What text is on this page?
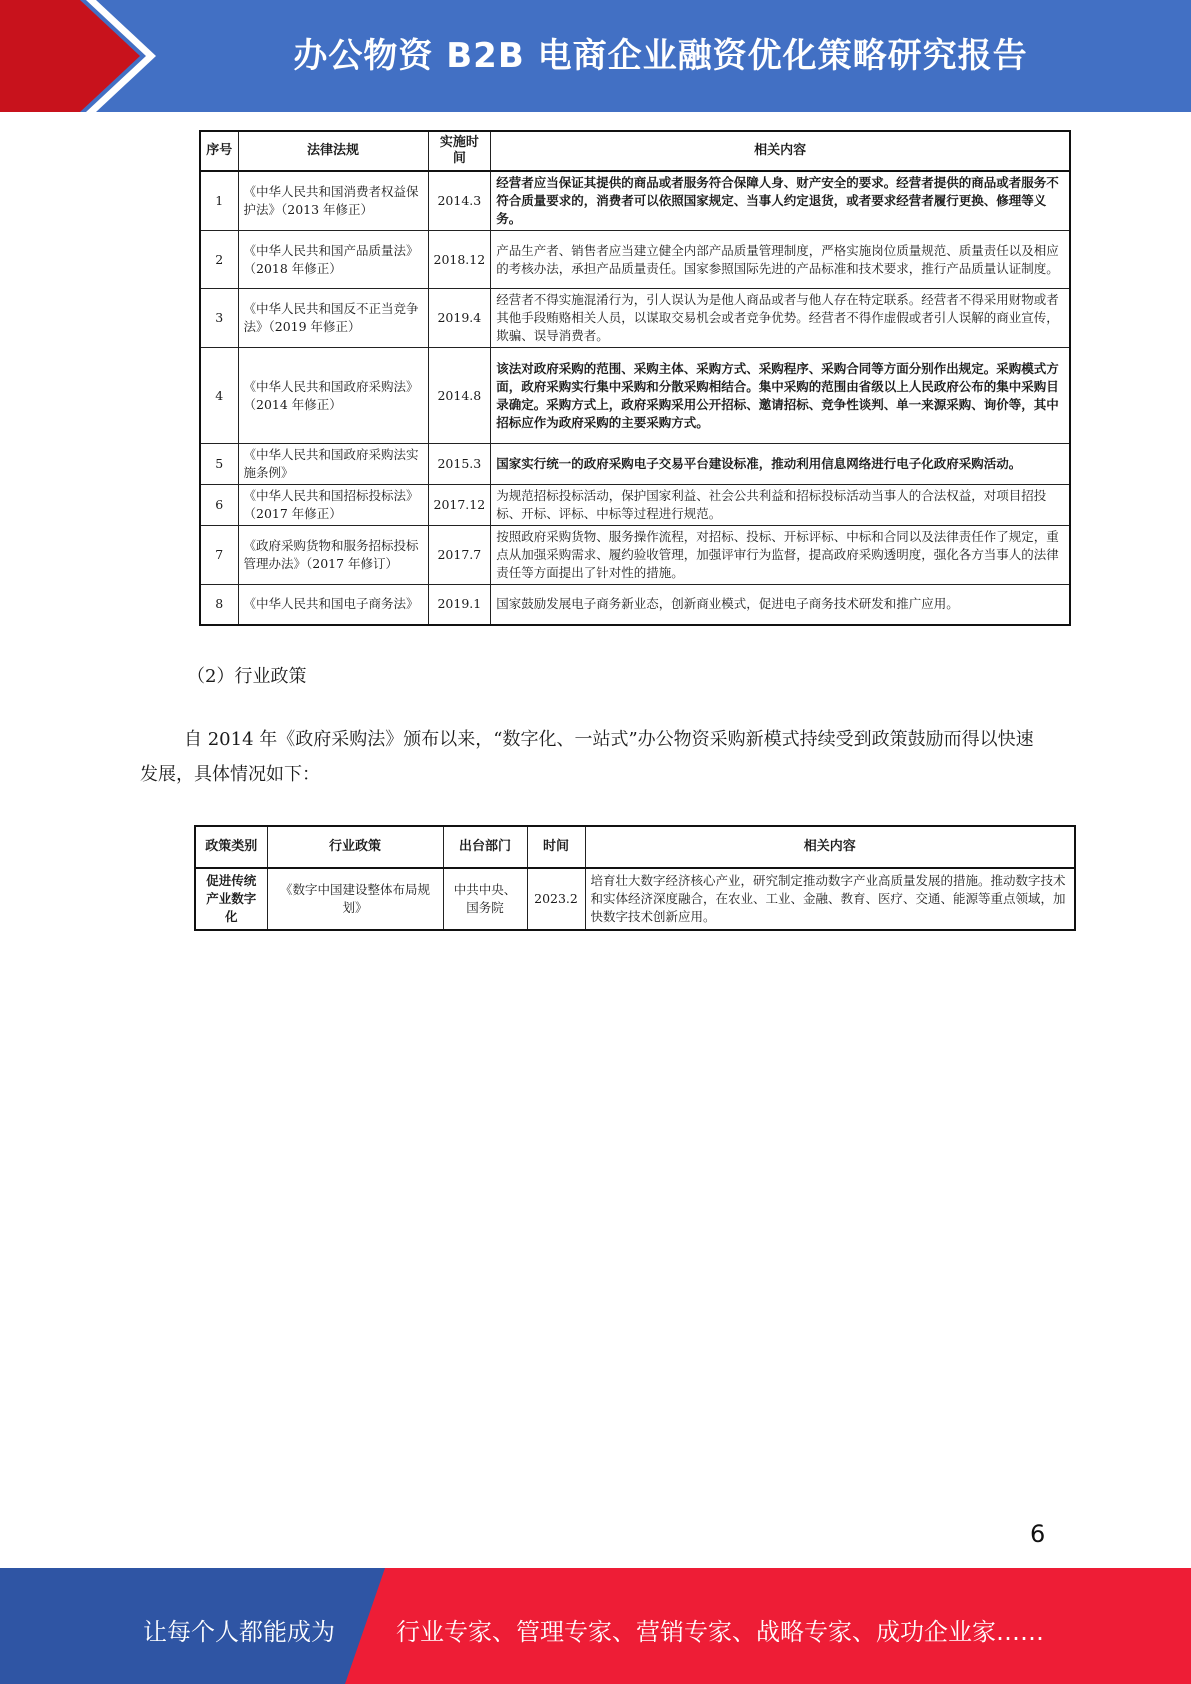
办公物资 B2B 电商企业融资优化策略研究报告
序号	法律法规	实施时间	相关内容
1	《中华人民共和国消费者权益保护法》（2013 年修正）	2014.3	经营者应当保证其提供的商品或者服务符合保障人身、财产安全的要求。经营者提供的商品或者服务不符合质量要求的，消费者可以依照国家规定、当事人约定退货，或者要求经营者履行更换、修理等义务。
2	《中华人民共和国产品质量法》（2018 年修正）	2018.12	产品生产者、销售者应当建立健全内部产品质量管理制度，严格实施岗位质量规范、质量责任以及相应的考核办法，承担产品质量责任。国家参照国际先进的产品标准和技术要求，推行产品质量认证制度。
3	《中华人民共和国反不正当竞争法》（2019 年修正）	2019.4	经营者不得实施混淆行为，引人误认为是他人商品或者与他人存在特定联系。经营者不得采用财物或者其他手段贿赂相关人员，以谋取交易机会或者竞争优势。经营者不得作虚假或者引人误解的商业宣传，欺骗、误导消费者。
4	《中华人民共和国政府采购法》（2014 年修正）	2014.8	该法对政府采购的范围、采购主体、采购方式、采购程序、采购合同等方面分别作出规定。采购模式方面，政府采购实行集中采购和分散采购相结合。集中采购的范围由省级以上人民政府公布的集中采购目录确定。采购方式上，政府采购采用公开招标、邀请招标、竞争性谈判、单一来源采购、询价等，其中招标应作为政府采购的主要采购方式。
5	《中华人民共和国政府采购法实施条例》	2015.3	国家实行统一的政府采购电子交易平台建设标准，推动利用信息网络进行电子化政府采购活动。
6	《中华人民共和国招标投标法》（2017 年修正）	2017.12	为规范招标投标活动，保护国家利益、社会公共利益和招标投标活动当事人的合法权益，对项目招投标、开标、评标、中标等过程进行规范。
7	《政府采购货物和服务招标投标管理办法》（2017 年修订）	2017.7	按照政府采购货物、服务操作流程，对招标、投标、开标评标、中标和合同以及法律责任作了规定，重点从加强采购需求、履约验收管理，加强评审行为监督，提高政府采购透明度，强化各方当事人的法律责任等方面提出了针对性的措施。
8	《中华人民共和国电子商务法》	2019.1	国家鼓励发展电子商务新业态，创新商业模式，促进电子商务技术研发和推广应用。
（2）行业政策
自 2014 年《政府采购法》颁布以来，“数字化、一站式”办公物资采购新模式持续受到政策鼓励而得以快速发展，具体情况如下：
政策类别	行业政策	出台部门	时间	相关内容
促进传统产业数字化	《数字中国建设整体布局规划》	中共中央、国务院	2023.2	培育壮大数字经济核心产业，研究制定推动数字产业高质量发展的措施。推动数字技术和实体经济深度融合，在农业、工业、金融、教育、医疗、交通、能源等重点领域，加快数字技术创新应用。
6
让每个人都能成为	行业专家、管理专家、营销专家、战略专家、成功企业家……
